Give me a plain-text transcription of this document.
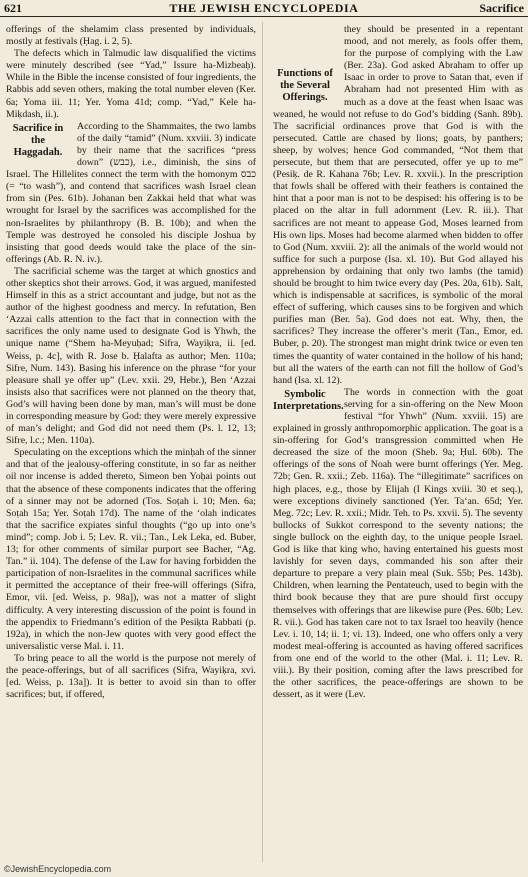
621	THE JEWISH ENCYCLOPEDIA	Sacrifice

offerings of the shelamim class presented by individuals, mostly at festivals (Ḥag. i. 2, 5).

The defects which in Talmudic law disqualified the victims were minutely described (see “Yad,” Issure ha-Mizbeaḥ). While in the Bible the incense consisted of four ingredients, the Rabbis add seven others, making the total number eleven (Ker. 6a; Yoma iii. 11; Yer. Yoma 41d; comp. “Yad,” Kele ha-Miḳdash, ii.).

Sacrifice in the Haggadah.

According to the Shammaites, the two lambs of the daily “tamid” (Num. xxviii. 3) indicate by their name that the sacrifices “press down” (כבש), i.e., diminish, the sins of Israel. The Hillelites connect the term with the homonym כבס (= “to wash”), and contend that sacrifices wash Israel clean from sin (Pes. 61b). Johanan ben Zakkai held that what was wrought for Israel by the sacrifices was accomplished for the non-Israelites by philanthropy (B. B. 10b); and when the Temple was destroyed he consoled his disciple Joshua by insisting that good deeds would take the place of the sin-offerings (Ab. R. N. iv.).

The sacrificial scheme was the target at which gnostics and other skeptics shot their arrows. God, it was argued, manifested Himself in this as a strict accountant and judge, but not as the author of the highest goodness and mercy. In refutation, Ben ‘Azzai calls attention to the fact that in connection with the sacrifices the only name used to designate God is Yhwh, the unique name (“Shem ha-Meyuḥad; Sifra, Wayiḳra, ii. [ed. Weiss, p. 4c], with R. Jose b. Ḥalafta as author; Men. 110a; Sifre, Num. 143). Basing his inference on the phrase “for your pleasure shall ye offer up” (Lev. xxii. 29, Hebr.), Ben ‘Azzai insists also that sacrifices were not planned on the theory that, God’s will having been done by man, man’s will must be done in corresponding measure by God: they were merely expressive of man’s delight; and God did not need them (Ps. l. 12, 13; Sifre, l.c.; Men. 110a).

Speculating on the exceptions which the minḥah of the sinner and that of the jealousy-offering constitute, in so far as neither oil nor incense is added thereto, Simeon ben Yoḥai points out that the absence of these components indicates that the offering of a sinner may not be adorned (Tos. Soṭah i. 10; Men. 6a; Soṭah 15a; Yer. Soṭah 17d). The name of the ‘olah indicates that the sacrifice expiates sinful thoughts (“go up into one’s mind”; comp. Job i. 5; Lev. R. vii.; Tan., Lek Leka, ed. Buber, 13; for other comments of similar purport see Bacher, “Ag. Tan.” ii. 104). The defense of the Law for having forbidden the participation of non-Israelites in the communal sacrifices while it permitted the acceptance of their free-will offerings (Sifra, Emor, vii. [ed. Weiss, p. 98a]), was not a matter of slight difficulty. A very interesting discussion of the point is found in the appendix to Friedmann’s edition of the Pesiḳta Rabbati (p. 192a), in which the non-Jew quotes with very good effect the universalistic verse Mal. i. 11.

To bring peace to all the world is the purpose not merely of the peace-offerings, but of all sacrifices (Sifra, Wayiḳra, xvi. [ed. Weiss, p. 13a]). It is better to avoid sin than to offer sacrifices; but, if offered,

Functions of the Several Offerings.

they should be presented in a repentant mood, and not merely, as fools offer them, for the purpose of complying with the Law (Ber. 23a). God asked Abraham to offer up Isaac in order to prove to Satan that, even if Abraham had not presented Him with as much as a dove at the feast when Isaac was weaned, he would not refuse to do God’s bidding (Sanh. 89b). The sacrificial ordinances prove that God is with the persecuted. Cattle are chased by lions; goats, by panthers; sheep, by wolves; hence God commanded, “Not them that persecute, but them that are persecuted, offer ye up to me” (Pesiḳ. de R. Kahana 76b; Lev. R. xxvii.). In the prescription that fowls shall be offered with their feathers is contained the hint that a poor man is not to be despised: his offering is to be placed on the altar in full adornment (Lev. R. iii.). That sacrifices are not meant to appease God, Moses learned from His own lips. Moses had become alarmed when bidden to offer to God (Num. xxviii. 2): all the animals of the world would not suffice for such a purpose (Isa. xl. 10). But God allayed his apprehension by ordaining that only two lambs (the tamid) should be brought to him twice every day (Pes. 20a, 61b). Salt, which is indispensable at sacrifices, is symbolic of the moral effect of suffering, which causes sins to be forgiven and which purifies man (Ber. 5a). God does not eat. Why, then, the sacrifices? They increase the offerer’s merit (Tan., Emor, ed. Buber, p. 20). The strongest man might drink twice or even ten times the quantity of water contained in the hollow of his hand; but all the waters of the earth can not fill the hollow of God’s hand (Isa. xl. 12).

Symbolic Interpretations.

The words in connection with the goat serving for a sin-offering on the New Moon festival “for Yhwh” (Num. xxviii. 15) are explained in grossly anthropomorphic application. The goat is a sin-offering for God’s transgression committed when He decreased the size of the moon (Sheb. 9a; Ḥul. 60b). The offerings of the sons of Noah were burnt offerings (Yer. Meg. 72b; Gen. R. xxii.; Zeb. 116a). The “illegitimate” sacrifices on high places, e.g., those by Elijah (I Kings xviii. 30 et seq.), were exceptions divinely sanctioned (Yer. Ta‘an. 65d; Yer. Meg. 72c; Lev. R. xxii.; Midr. Teh. to Ps. xxvii. 5). The seventy bullocks of Sukkot correspond to the seventy nations; the single bullock on the eighth day, to the unique people Israel. God is like that king who, having entertained his guests most lavishly for seven days, commanded his son after their departure to prepare a very plain meal (Suk. 55b; Pes. 143b). Children, when learning the Pentateuch, used to begin with the third book because they that are pure should first occupy themselves with offerings that are likewise pure (Pes. 60b; Lev. R. vii.). God has taken care not to tax Israel too heavily (hence Lev. i. 10, 14; ii. 1; vi. 13). Indeed, one who offers only a very modest meal-offering is accounted as having offered sacrifices from one end of the world to the other (Mal. i. 11; Lev. R. viii.). By their position, coming after the laws prescribed for the other sacrifices, the peace-offerings are shown to be dessert, as it were (Lev.

©JewishEncyclopedia.com
